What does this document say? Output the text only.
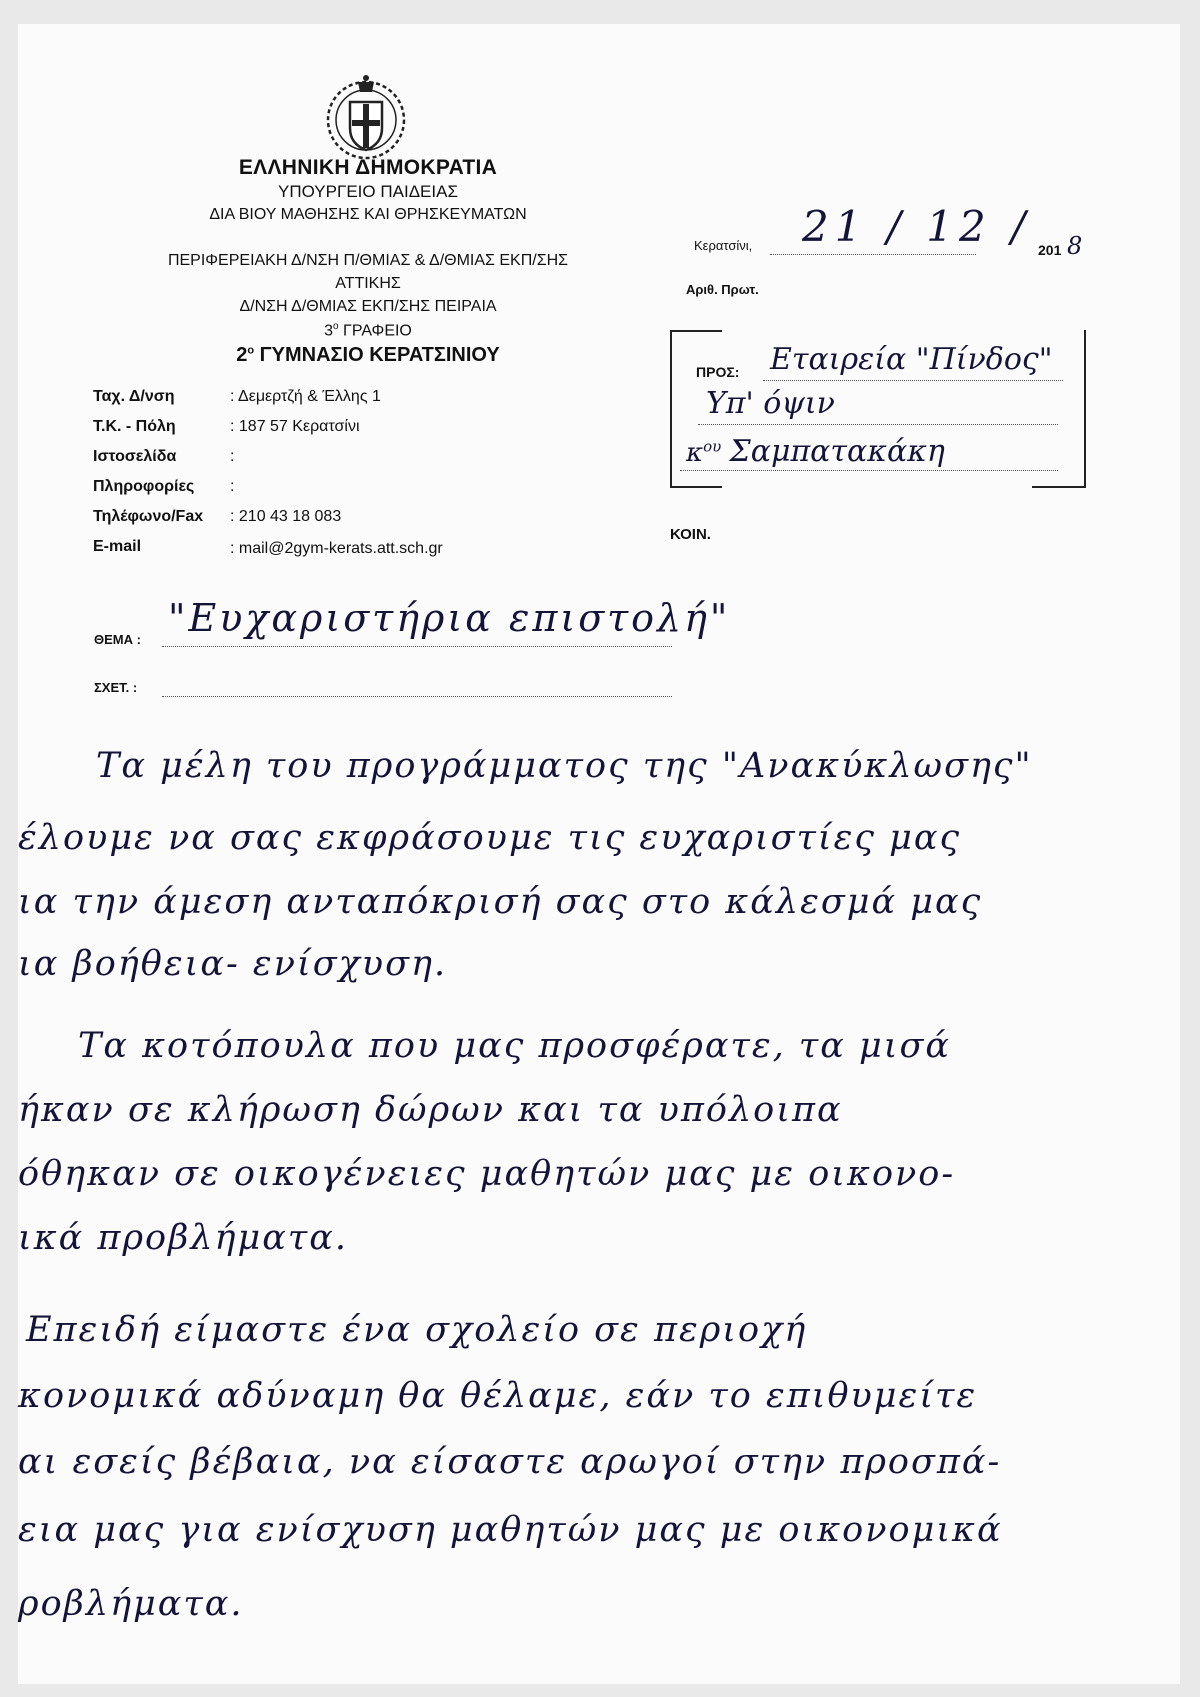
ΕΛΛΗΝΙΚΗ ΔΗΜΟΚΡΑΤΙΑ
ΥΠΟΥΡΓΕΙΟ ΠΑΙΔΕΙΑΣ
ΔΙΑ ΒΙΟΥ ΜΑΘΗΣΗΣ ΚΑΙ ΘΡΗΣΚΕΥΜΑΤΩΝ
ΠΕΡΙΦΕΡΕΙΑΚΗ Δ/ΝΣΗ Π/ΘΜΙΑΣ & Δ/ΘΜΙΑΣ ΕΚΠ/ΣΗΣ
ΑΤΤΙΚΗΣ
Δ/ΝΣΗ Δ/ΘΜΙΑΣ ΕΚΠ/ΣΗΣ ΠΕΙΡΑΙΑ
$3^o$ ΓΡΑΦΕΙΟ
$2^o$ ΓΥΜΝΑΣΙΟ ΚΕΡΑΤΣΙΝΙΟΥ
Ταχ. Δ/νση	: Δεμερτζή & Έλλης 1
Τ.Κ. - Πόλη	: 187 57 Κερατσίνι
Ιστοσελίδα	:
Πληροφορίες :
Τηλέφωνο/Fax : 210 43 18 083
E-mail	: mail@2gym-kerats.att.sch.gr
Κερατσίνι, 21 / 12 / 201 8
Αριθ. Πρωτ.
ΠΡΟΣ: Εταιρεία "Πίνδος"
Υπ' όψιν
$\kappa^{o\upsilon}$ Σαμπατακάκη
ΚΟΙΝ.
ΘΕΜΑ : "Ευχαριστήρια επιστολή"
ΣΧΕΤ. :
Τα μέλη του προγράμματος της "Ανακύκλωσης"
έλουμε να σας εκφράσουμε τις ευχαριστίες μας
ια την άμεση ανταπόκρισή σας στο κάλεσμά μας
ια βοήθεια- ενίσχυση.
Τα κοτόπουλα που μας προσφέρατε, τα μισά
ήκαν σε κλήρωση δώρων και τα υπόλοιπα
όθηκαν σε οικογένειες μαθητών μας με οικονο-
ικά προβλήματα.
Επειδή είμαστε ένα σχολείο σε περιοχή
κονομικά αδύναμη θα θέλαμε, εάν το επιθυμείτε
αι εσείς βέβαια, να είσαστε αρωγοί στην προσπά-
εια μας για ενίσχυση μαθητών μας με οικονομικά
ροβλήματα.
